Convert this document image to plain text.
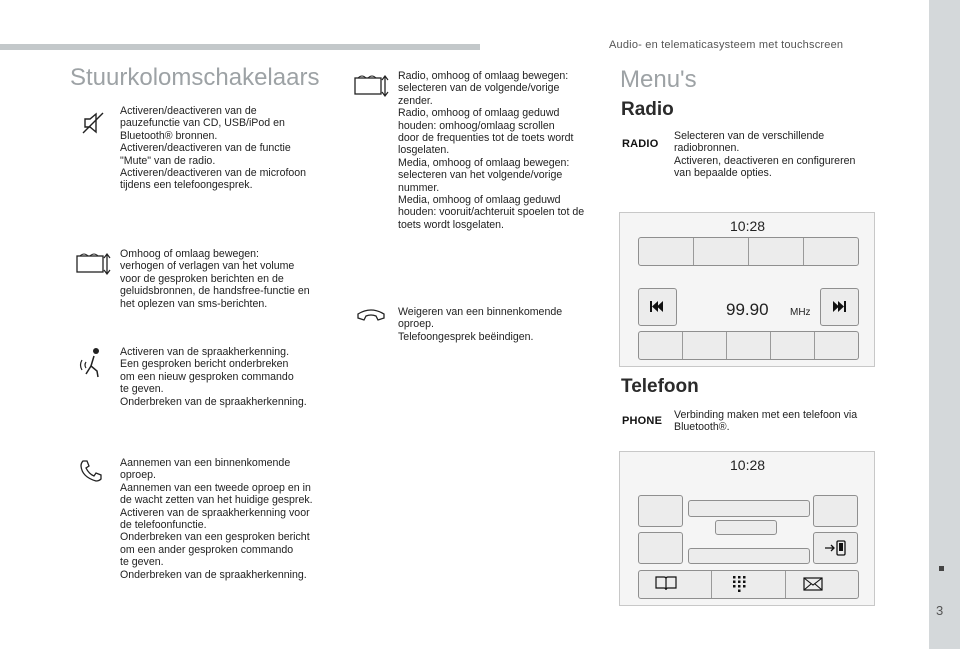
Audio- en telematicasysteem met touchscreen
3
Stuurkolomschakelaars
Activeren/deactiveren van de
pauzefunctie van CD, USB/iPod en
Bluetooth® bronnen.
Activeren/deactiveren van de functie
"Mute" van de radio.
Activeren/deactiveren van de microfoon
tijdens een telefoongesprek.
Omhoog of omlaag bewegen:
verhogen of verlagen van het volume
voor de gesproken berichten en de
geluidsbronnen, de handsfree-functie en
het oplezen van sms-berichten.
Activeren van de spraakherkenning.
Een gesproken bericht onderbreken
om een nieuw gesproken commando
te geven.
Onderbreken van de spraakherkenning.
Aannemen van een binnenkomende
oproep.
Aannemen van een tweede oproep en in
de wacht zetten van het huidige gesprek.
Activeren van de spraakherkenning voor
de telefoonfunctie.
Onderbreken van een gesproken bericht
om een ander gesproken commando
te geven.
Onderbreken van de spraakherkenning.
Radio, omhoog of omlaag bewegen:
selecteren van de volgende/vorige
zender.
Radio, omhoog of omlaag geduwd
houden: omhoog/omlaag scrollen
door de frequenties tot de toets wordt
losgelaten.
Media, omhoog of omlaag bewegen:
selecteren van het volgende/vorige
nummer.
Media, omhoog of omlaag geduwd
houden: vooruit/achteruit spoelen tot de
toets wordt losgelaten.
Weigeren van een binnenkomende
oproep.
Telefoongesprek beëindigen.
Menu's
Radio
RADIO
Selecteren van de verschillende
radiobronnen.
Activeren, deactiveren en configureren
van bepaalde opties.
10:28
99.90 MHz
Telefoon
PHONE Verbinding maken met een telefoon via
Bluetooth®.
10:28
